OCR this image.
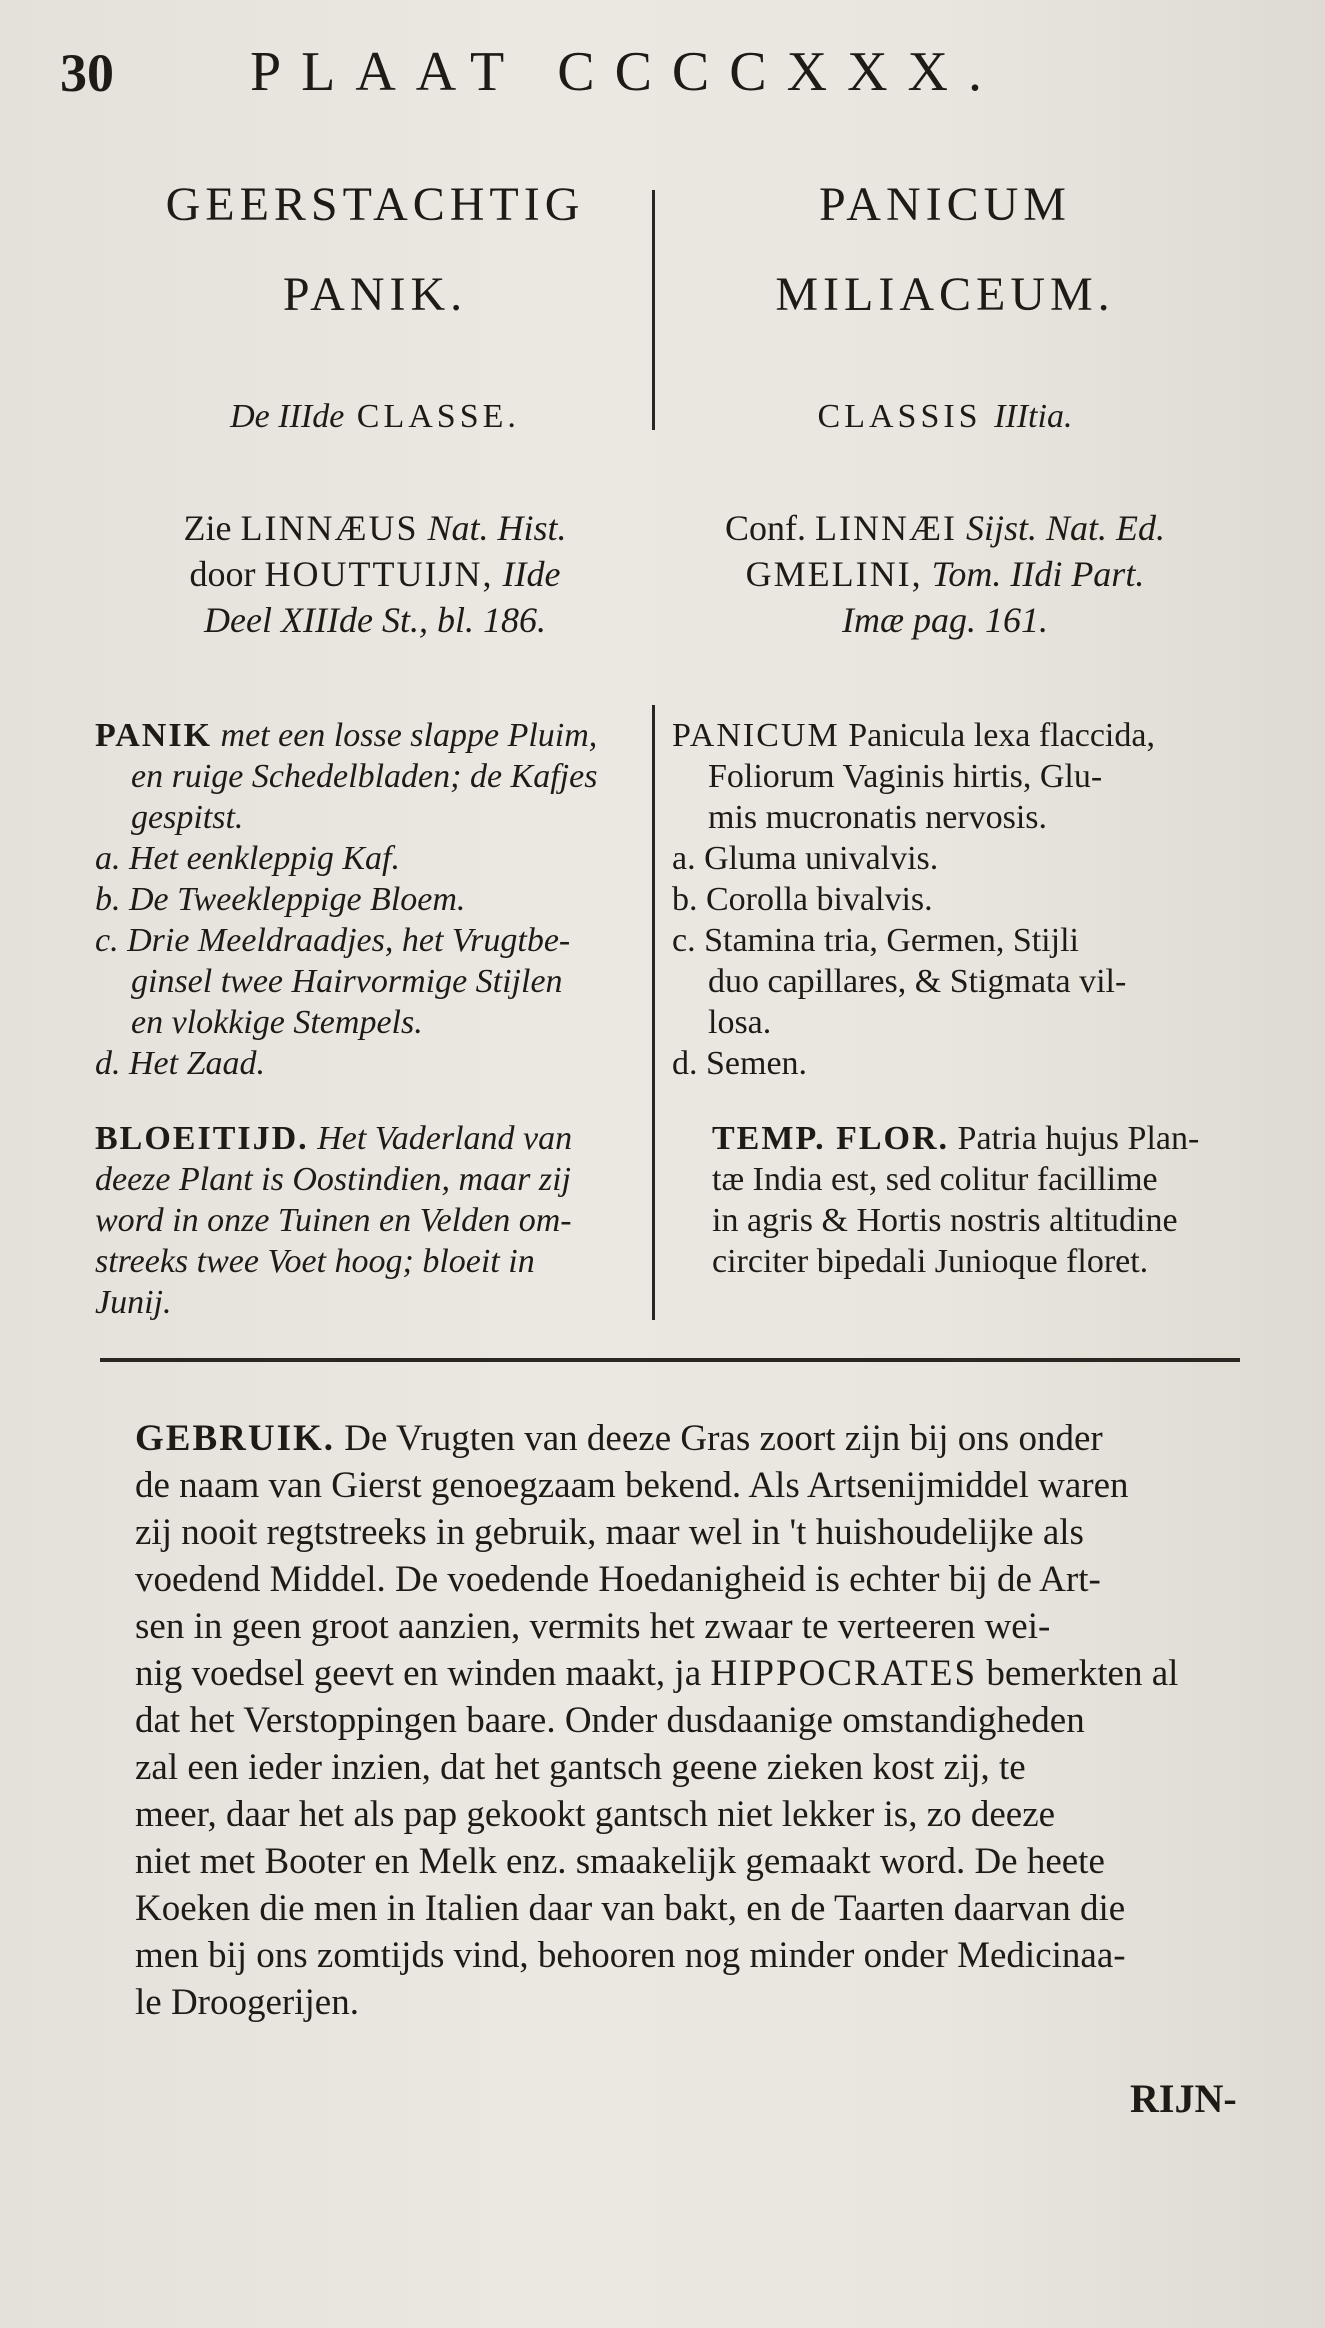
30 PLAAT CCCCXXX.
GEERSTACHTIG
PANIK.
De IIIde CLASSE.
Zie LINNÆUS Nat. Hist.
door HOUTTUIJN, IIde
Deel XIIIde St., bl. 186.

PANIK met een losse slappe Pluim,

en ruige Schedelbladen; de Kafjes

gespitst.

a. Het eenkleppig Kaf.

b. De Tweekleppige Bloem.

c. Drie Meeldraadjes, het Vrugtbe-

ginsel twee Hairvormige Stijlen

en vlokkige Stempels.

d. Het Zaad.

BLOEITIJD. Het Vaderland van

deeze Plant is Oostindien, maar zij

word in onze Tuinen en Velden om-

streeks twee Voet hoog; bloeit in

Junij.

PANICUM
MILIACEUM.
CLASSIS IIItia.
Conf. LINNÆI Sijst. Nat. Ed.
GMELINI, Tom. IIdi Part.
Imæ pag. 161.

PANICUM Panicula lexa flaccida,

Foliorum Vaginis hirtis, Glu-

mis mucronatis nervosis.

a. Gluma univalvis.

b. Corolla bivalvis.

c. Stamina tria, Germen, Stijli

duo capillares, & Stigmata vil-

losa.

d. Semen.

TEMP. FLOR. Patria hujus Plan-

tæ India est, sed colitur facillime

in agris & Hortis nostris altitudine

circiter bipedali Junioque floret.

GEBRUIK. De Vrugten van deeze Gras zoort zijn bij ons onder
de naam van Gierst genoegzaam bekend. Als Artsenijmiddel waren
zij nooit regtstreeks in gebruik, maar wel in 't huishoudelijke als
voedend Middel. De voedende Hoedanigheid is echter bij de Art-
sen in geen groot aanzien, vermits het zwaar te verteeren wei-
nig voedsel geevt en winden maakt, ja HIPPOCRATES bemerkten al
dat het Verstoppingen baare. Onder dusdaanige omstandigheden
zal een ieder inzien, dat het gantsch geene zieken kost zij, te
meer, daar het als pap gekookt gantsch niet lekker is, zo deeze
niet met Booter en Melk enz. smaakelijk gemaakt word. De heete
Koeken die men in Italien daar van bakt, en de Taarten daarvan die
men bij ons zomtijds vind, behooren nog minder onder Medicinaa-
le Droogerijen.
RIJN-
